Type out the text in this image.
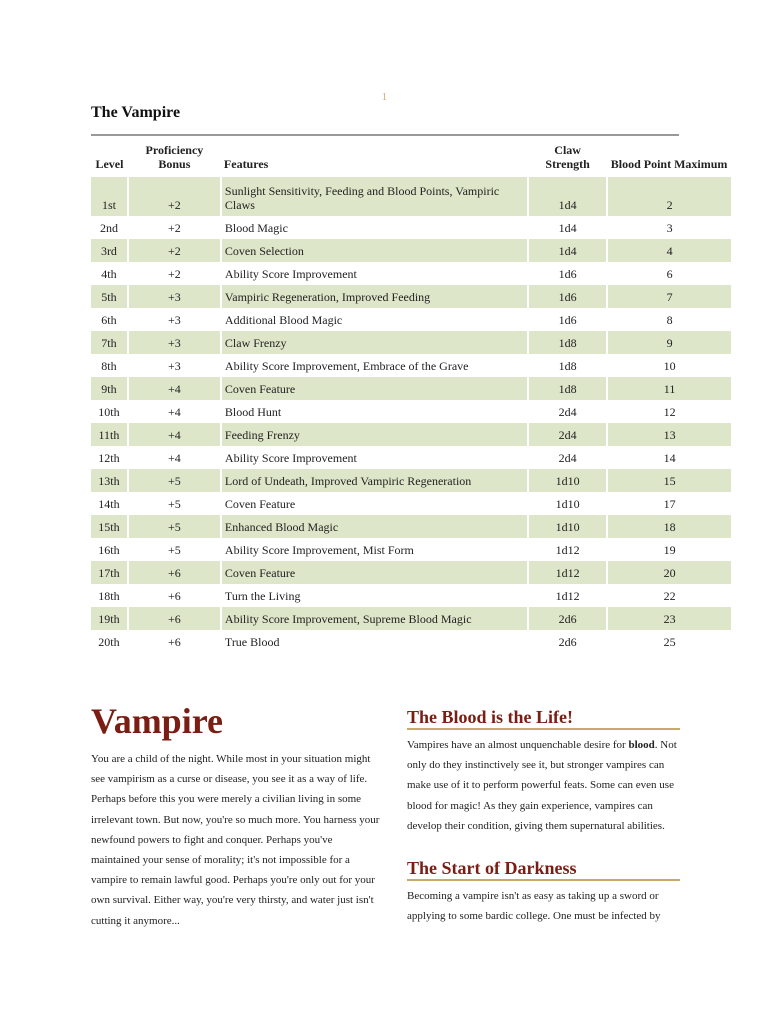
1
The Vampire
Level	Proficiency Bonus	Features	Claw Strength	Blood Point Maximum
1st	+2	Sunlight Sensitivity, Feeding and Blood Points, Vampiric Claws	1d4	2
2nd	+2	Blood Magic	1d4	3
3rd	+2	Coven Selection	1d4	4
4th	+2	Ability Score Improvement	1d6	6
5th	+3	Vampiric Regeneration, Improved Feeding	1d6	7
6th	+3	Additional Blood Magic	1d6	8
7th	+3	Claw Frenzy	1d8	9
8th	+3	Ability Score Improvement, Embrace of the Grave	1d8	10
9th	+4	Coven Feature	1d8	11
10th	+4	Blood Hunt	2d4	12
11th	+4	Feeding Frenzy	2d4	13
12th	+4	Ability Score Improvement	2d4	14
13th	+5	Lord of Undeath, Improved Vampiric Regeneration	1d10	15
14th	+5	Coven Feature	1d10	17
15th	+5	Enhanced Blood Magic	1d10	18
16th	+5	Ability Score Improvement, Mist Form	1d12	19
17th	+6	Coven Feature	1d12	20
18th	+6	Turn the Living	1d12	22
19th	+6	Ability Score Improvement, Supreme Blood Magic	2d6	23
20th	+6	True Blood	2d6	25
Vampire

You are a child of the night. While most in your situation might see vampirism as a curse or disease, you see it as a way of life. Perhaps before this you were merely a civilian living in some irrelevant town. But now, you're so much more. You harness your newfound powers to fight and conquer. Perhaps you've maintained your sense of morality; it's not impossible for a vampire to remain lawful good. Perhaps you're only out for your own survival. Either way, you're very thirsty, and water just isn't cutting it anymore...

The Blood is the Life!

Vampires have an almost unquenchable desire for blood. Not only do they instinctively see it, but stronger vampires can make use of it to perform powerful feats. Some can even use blood for magic! As they gain experience, vampires can develop their condition, giving them supernatural abilities.

The Start of Darkness

Becoming a vampire isn't as easy as taking up a sword or applying to some bardic college. One must be infected by
